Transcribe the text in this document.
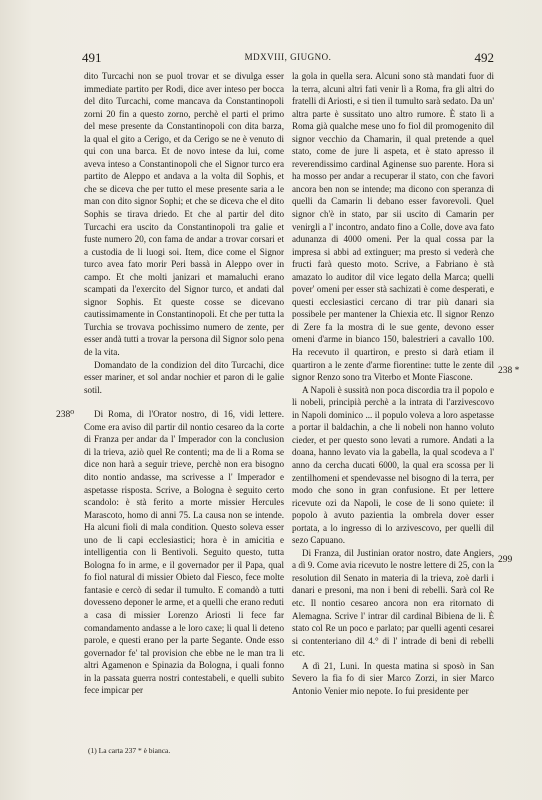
491	MDXVIII, GIUGNO.	492

dito Turcachi non se puol trovar et se divulga esser immediate partito per Rodi, dice aver inteso per bocca del dito Turcachi, come mancava da Constantinopoli zorni 20 fin a questo zorno, perchè el parti el primo del mese presente da Constantinopoli con dita barza, la qual el gito a Cerigo, et da Cerigo se ne è venuto di qui con una barca. Et de novo intese da lui, come aveva inteso a Constantinopoli che el Signor turco era partito de Aleppo et andava a la volta dil Sophis, et che se diceva che per tutto el mese presente saria a le man con dito signor Sophi; et che se diceva che el dito Sophis se tirava driedo. Et che al partir del dito Turcachi era uscito da Constantinopoli tra galie et fuste numero 20, con fama de andar a trovar corsari et a custodia de li luogi soi. Item, dice come el Signor turco avea fato morir Peri bassà in Aleppo over in campo. Et che molti janizari et mamaluchi erano scampati da l'exercito del Signor turco, et andati dal signor Sophis. Et queste cosse se dicevano cautissimamente in Constantinopoli. Et che per tutta la Turchia se trovava pochissimo numero de zente, per esser andà tutti a trovar la persona dil Signor solo pena de la vita.

Domandato de la condizion del dito Turcachi, dice esser mariner, et sol andar nochier et paron di le galie sotil.

Di Roma, di l'Orator nostro, di 16, vidi lettere. Come era aviso dil partir dil nontio cesareo da la corte di Franza per andar da l' Imperador con la conclusion di la trieva, aziò quel Re contenti; ma de li a Roma se dice non harà a seguir trieve, perchè non era bisogno dito nontio andasse, ma scrivesse a l' Imperador e aspetasse risposta. Scrive, a Bologna è seguito certo scandolo: è stà ferito a morte missier Hercules Marascoto, homo di anni 75. La causa non se intende. Ha alcuni fioli di mala condition. Questo soleva esser uno de li capi ecclesiastici; hora è in amicitia e intelligentia con li Bentivoli. Seguito questo, tutta Bologna fo in arme, e il governador per il Papa, qual fo fiol natural di missier Obieto dal Fiesco, fece molte fantasie e cercò di sedar il tumulto. E comandò a tutti dovesseno deponer le arme, et a quelli che erano reduti a casa di missier Lorenzo Ariosti li fece far comandamento andasse a le loro caxe; li qual li deteno parole, e questi erano per la parte Segante. Onde esso governador fe' tal provision che ebbe ne le man tra li altri Agamenon e Spinazia da Bologna, i quali fonno in la passata guerra nostri contestabeli, e quelli subito fece impicar per

la gola in quella sera. Alcuni sono stà mandati fuor di la terra, alcuni altri fati venir lì a Roma, fra gli altri do fratelli di Ariosti, e si tien il tumulto sarà sedato. Da un' altra parte è sussitato uno altro rumore. È stato lì a Roma già qualche mese uno fo fiol dil promogenito dil signor vecchio da Chamarin, il qual pretende a quel stato, come de jure li aspeta, et è stato apresso il reverendissimo cardinal Aginense suo parente. Hora si ha mosso per andar a recuperar il stato, con che favori ancora ben non se intende; ma dicono con speranza di quelli da Camarin li debano esser favorevoli. Quel signor ch'è in stato, par sii uscito di Camarin per venirgli a l' incontro, andato fino a Colle, dove ava fato adunanza di 4000 omeni. Per la qual cossa par la impresa si abbi ad extinguer; ma presto si vederà che fructi farà questo moto. Scrive, a Fabriano è stà amazato lo auditor dil vice legato della Marca; quelli pover' omeni per esser stà sachizati è come desperati, e questi ecclesiastici cercano di trar più danari sia possibele per mantener la Chiexia etc. Il signor Renzo di Zere fa la mostra di le sue gente, devono esser omeni d'arme in bianco 150, balestrieri a cavallo 100. Ha recevuto il quartiron, e presto si darà etiam il quartiron a le zente d'arme fiorentine: tutte le zente dil signor Renzo sono tra Viterbo et Monte Fiascone.

A Napoli è sussità non poca discordia tra il popolo e li nobeli, principià perchè a la intrata di l'arzivescovo in Napoli dominico ... il populo voleva a loro aspetasse a portar il baldachin, a che li nobeli non hanno voluto cieder, et per questo sono levati a rumore. Andati a la doana, hanno levato via la gabella, la qual scodeva a l' anno da cercha ducati 6000, la qual era scossa per li zentilhomeni et spendevasse nel bisogno di la terra, per modo che sono in gran confusione. Et per lettere ricevute ozi da Napoli, le cose de li sono quiete: il popolo à avuto pazientia la ombrela dover esser portata, a lo ingresso di lo arzivescovo, per quelli dil sezo Capuano.

Di Franza, dil Justinian orator nostro, date Angiers, a dì 9. Come avia ricevuto le nostre lettere di 25, con la resolution dil Senato in materia di la trieva, zoè darli i danari e presoni, ma non i beni di rebelli. Sarà col Re etc. Il nontio cesareo ancora non era ritornato di Alemagna. Scrive l' intrar dil cardinal Bibiena de li. È stato col Re un poco e parlato; par quelli agenti cesarei si contenteriano dil 4.° di l' intrade di beni di rebelli etc.

A dì 21, Luni. In questa matina si sposò in San Severo la fia fo di sier Marco Zorzi, in sier Marco Antonio Venier mio nepote. Io fui presidente per

238⁰
238 *
299
(1) La carta 237 * è bianca.
